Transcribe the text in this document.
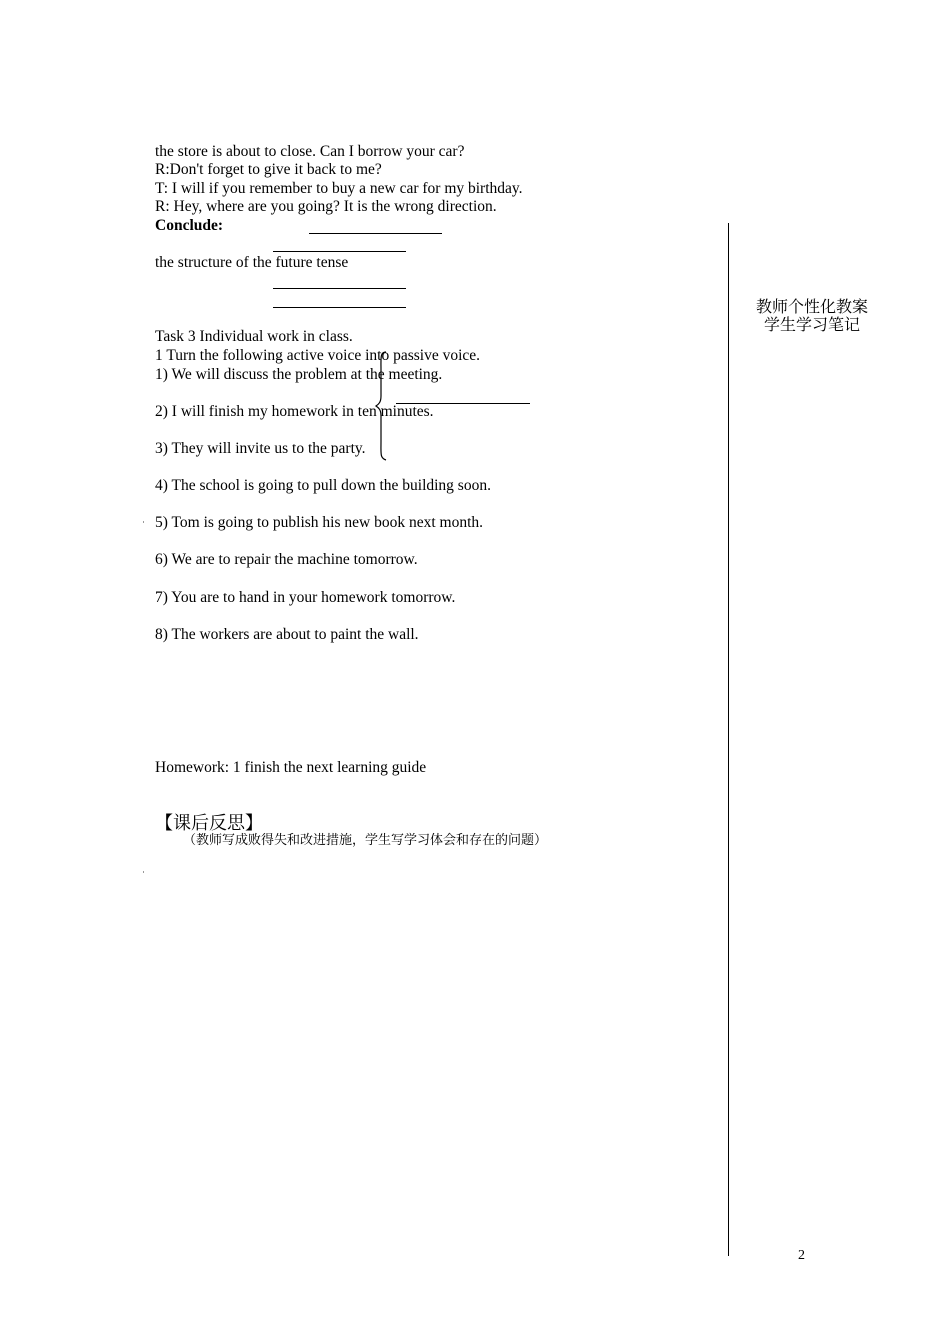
the store is about to close. Can I borrow your car?
R:Don't forget to give it back to me?
T: I will if you remember to buy a new car for my birthday.
R: Hey, where are you going? It is the wrong direction.
Conclude:
the structure of the future tense
Task 3 Individual work in class.
1 Turn the following active voice into passive voice.
1) We will discuss the problem at the meeting.
2) I will finish my homework in ten minutes.
3) They will invite us to the party.
4) The school is going to pull down the building soon.
5) Tom is going to publish his new book next month.
6) We are to repair the machine tomorrow.
7) You are to hand in your homework tomorrow.
8) The workers are about to paint the wall.
Homework: 1 finish the next learning guide
【课后反思】
（教师写成败得失和改进措施，学生写学习体会和存在的问题）
教师个性化教案
学生学习笔记
2
